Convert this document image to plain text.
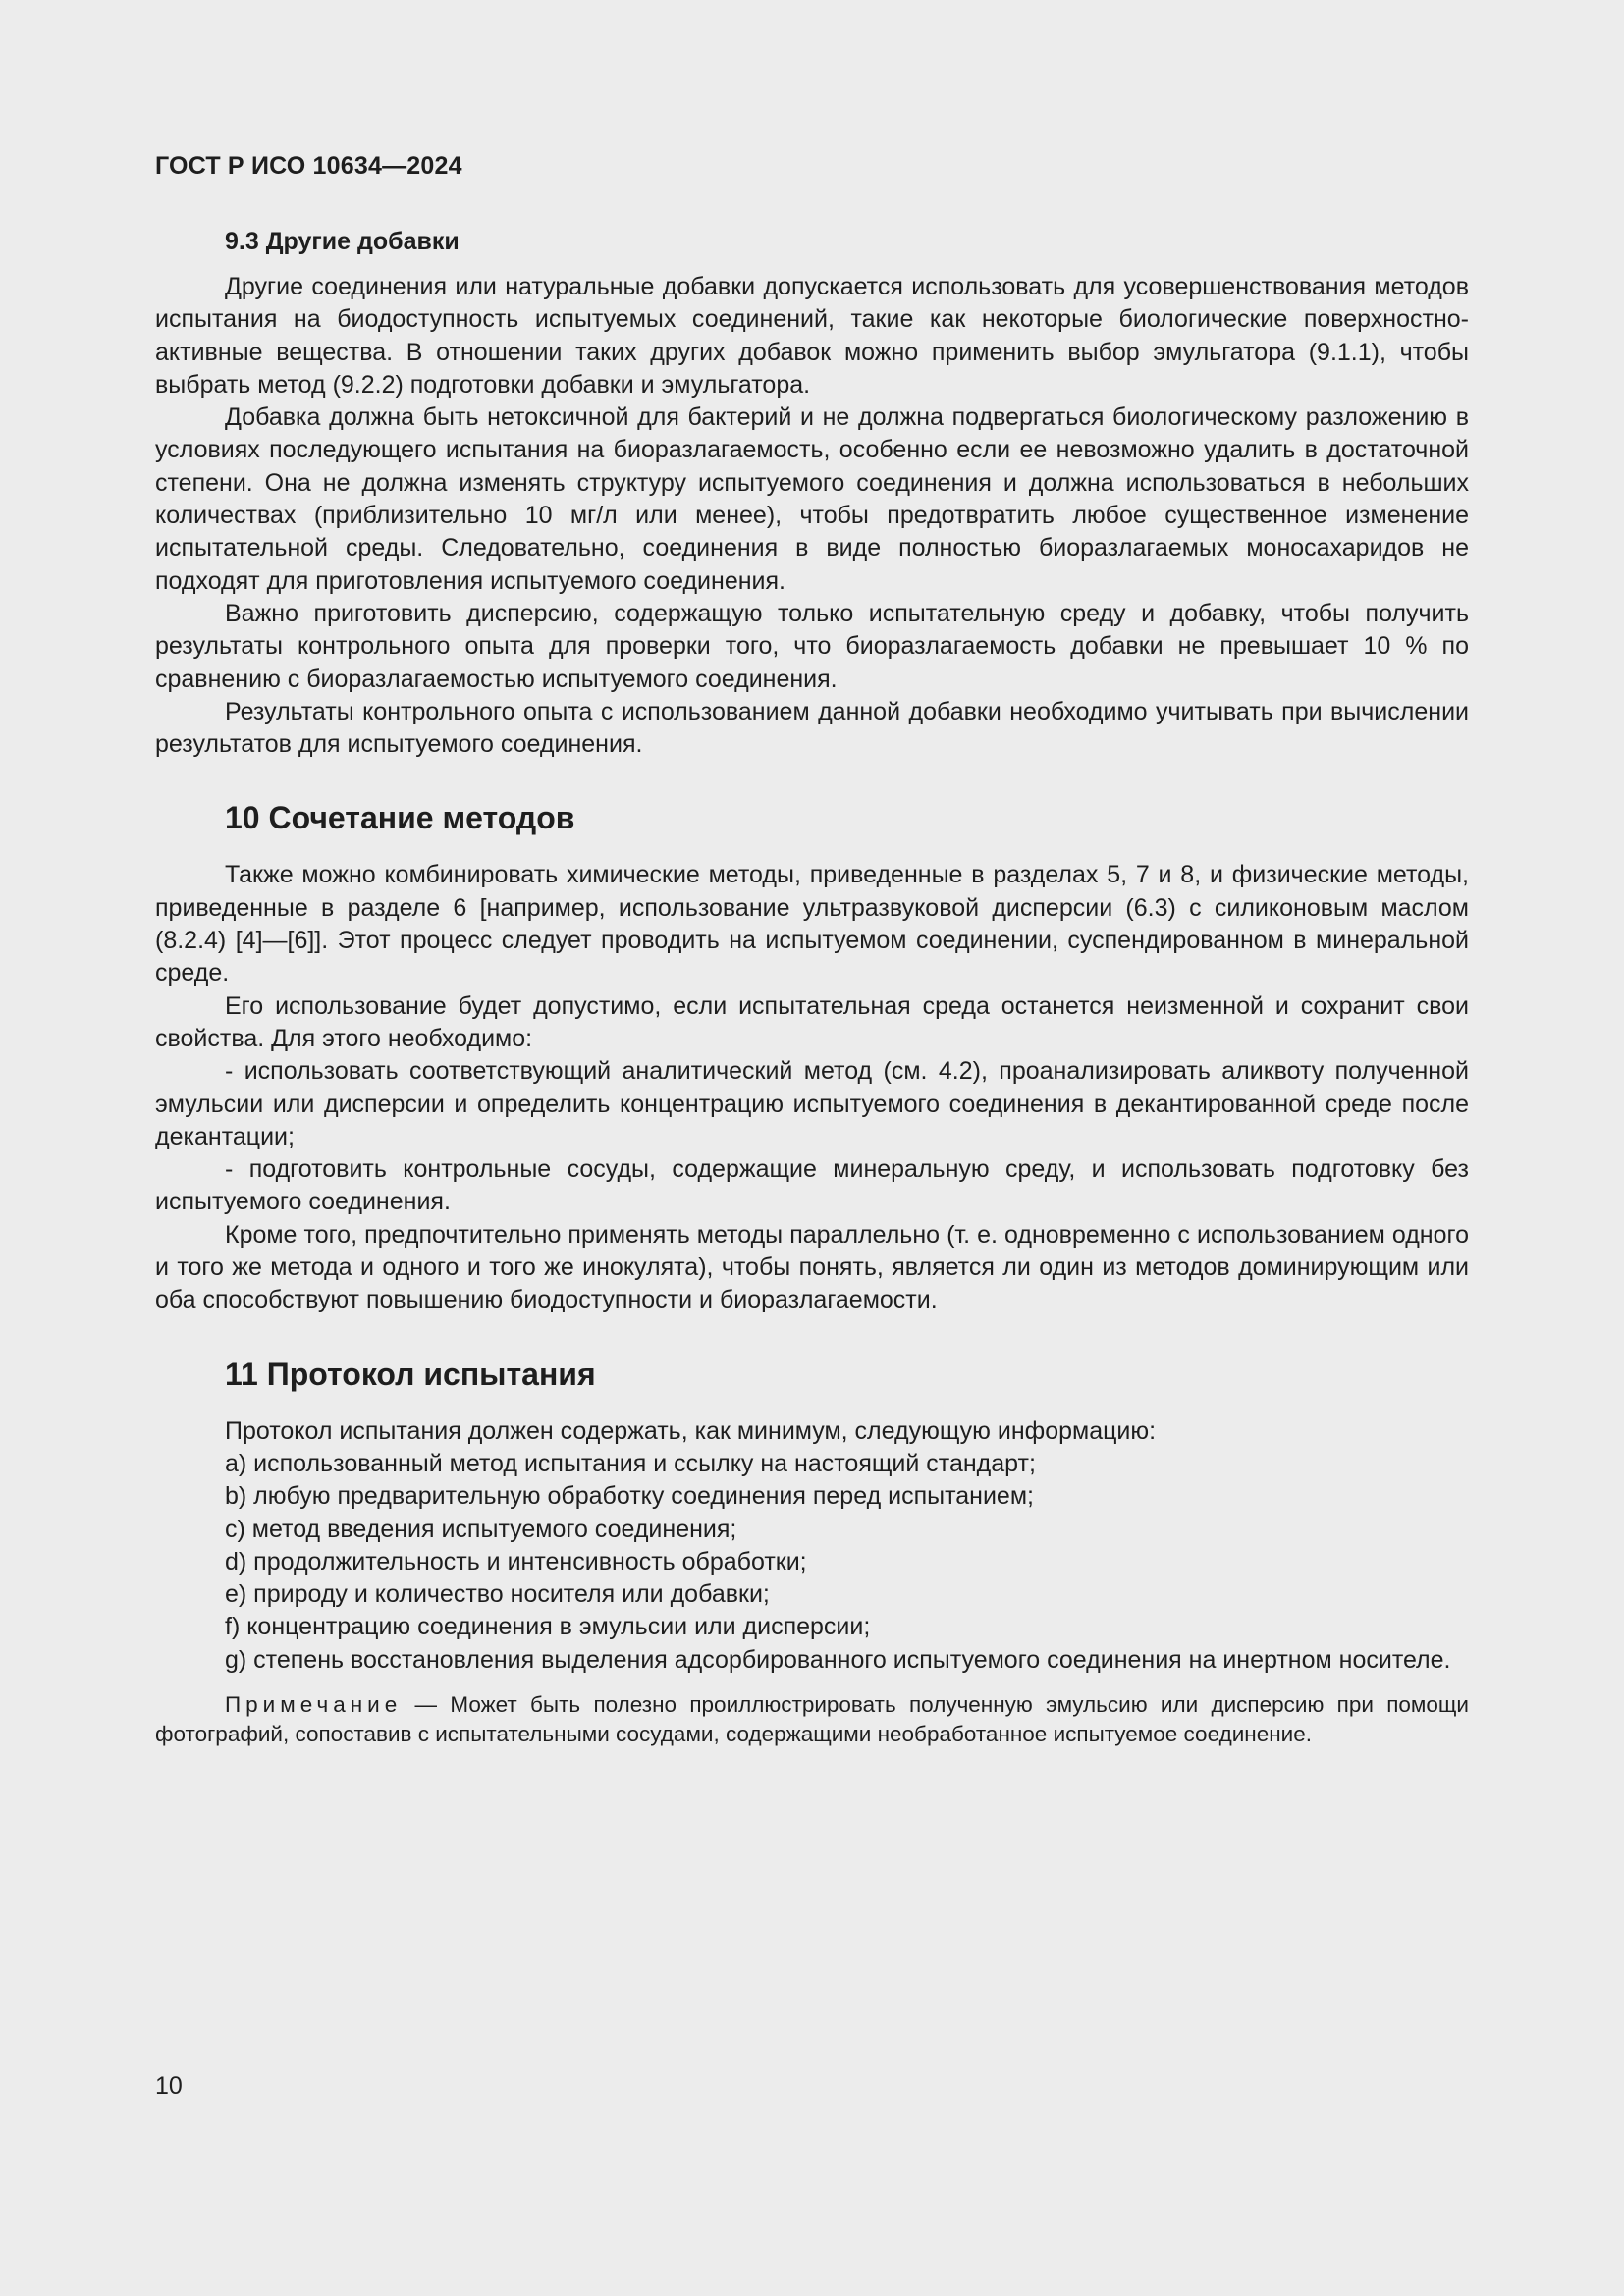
ГОСТ Р ИСО 10634—2024
9.3 Другие добавки

Другие соединения или натуральные добавки допускается использовать для усовершенствования методов испытания на биодоступность испытуемых соединений, такие как некоторые биологические поверхностно-активные вещества. В отношении таких других добавок можно применить выбор эмульгатора (9.1.1), чтобы выбрать метод (9.2.2) подготовки добавки и эмульгатора.

Добавка должна быть нетоксичной для бактерий и не должна подвергаться биологическому разложению в условиях последующего испытания на биоразлагаемость, особенно если ее невозможно удалить в достаточной степени. Она не должна изменять структуру испытуемого соединения и должна использоваться в небольших количествах (приблизительно 10 мг/л или менее), чтобы предотвратить любое существенное изменение испытательной среды. Следовательно, соединения в виде полностью биоразлагаемых моносахаридов не подходят для приготовления испытуемого соединения.

Важно приготовить дисперсию, содержащую только испытательную среду и добавку, чтобы получить результаты контрольного опыта для проверки того, что биоразлагаемость добавки не превышает 10 % по сравнению с биоразлагаемостью испытуемого соединения.

Результаты контрольного опыта с использованием данной добавки необходимо учитывать при вычислении результатов для испытуемого соединения.

10 Сочетание методов

Также можно комбинировать химические методы, приведенные в разделах 5, 7 и 8, и физические методы, приведенные в разделе 6 [например, использование ультразвуковой дисперсии (6.3) с силиконовым маслом (8.2.4) [4]—[6]]. Этот процесс следует проводить на испытуемом соединении, суспендированном в минеральной среде.

Его использование будет допустимо, если испытательная среда останется неизменной и сохранит свои свойства. Для этого необходимо:

- использовать соответствующий аналитический метод (см. 4.2), проанализировать аликвоту полученной эмульсии или дисперсии и определить концентрацию испытуемого соединения в декантированной среде после декантации;

- подготовить контрольные сосуды, содержащие минеральную среду, и использовать подготовку без испытуемого соединения.

Кроме того, предпочтительно применять методы параллельно (т. е. одновременно с использованием одного и того же метода и одного и того же инокулята), чтобы понять, является ли один из методов доминирующим или оба способствуют повышению биодоступности и биоразлагаемости.

11 Протокол испытания

Протокол испытания должен содержать, как минимум, следующую информацию:

a) использованный метод испытания и ссылку на настоящий стандарт;

b) любую предварительную обработку соединения перед испытанием;

c) метод введения испытуемого соединения;

d) продолжительность и интенсивность обработки;

e) природу и количество носителя или добавки;

f) концентрацию соединения в эмульсии или дисперсии;

g) степень восстановления выделения адсорбированного испытуемого соединения на инертном носителе.

Примечание — Может быть полезно проиллюстрировать полученную эмульсию или дисперсию при помощи фотографий, сопоставив с испытательными сосудами, содержащими необработанное испытуемое соединение.

10
